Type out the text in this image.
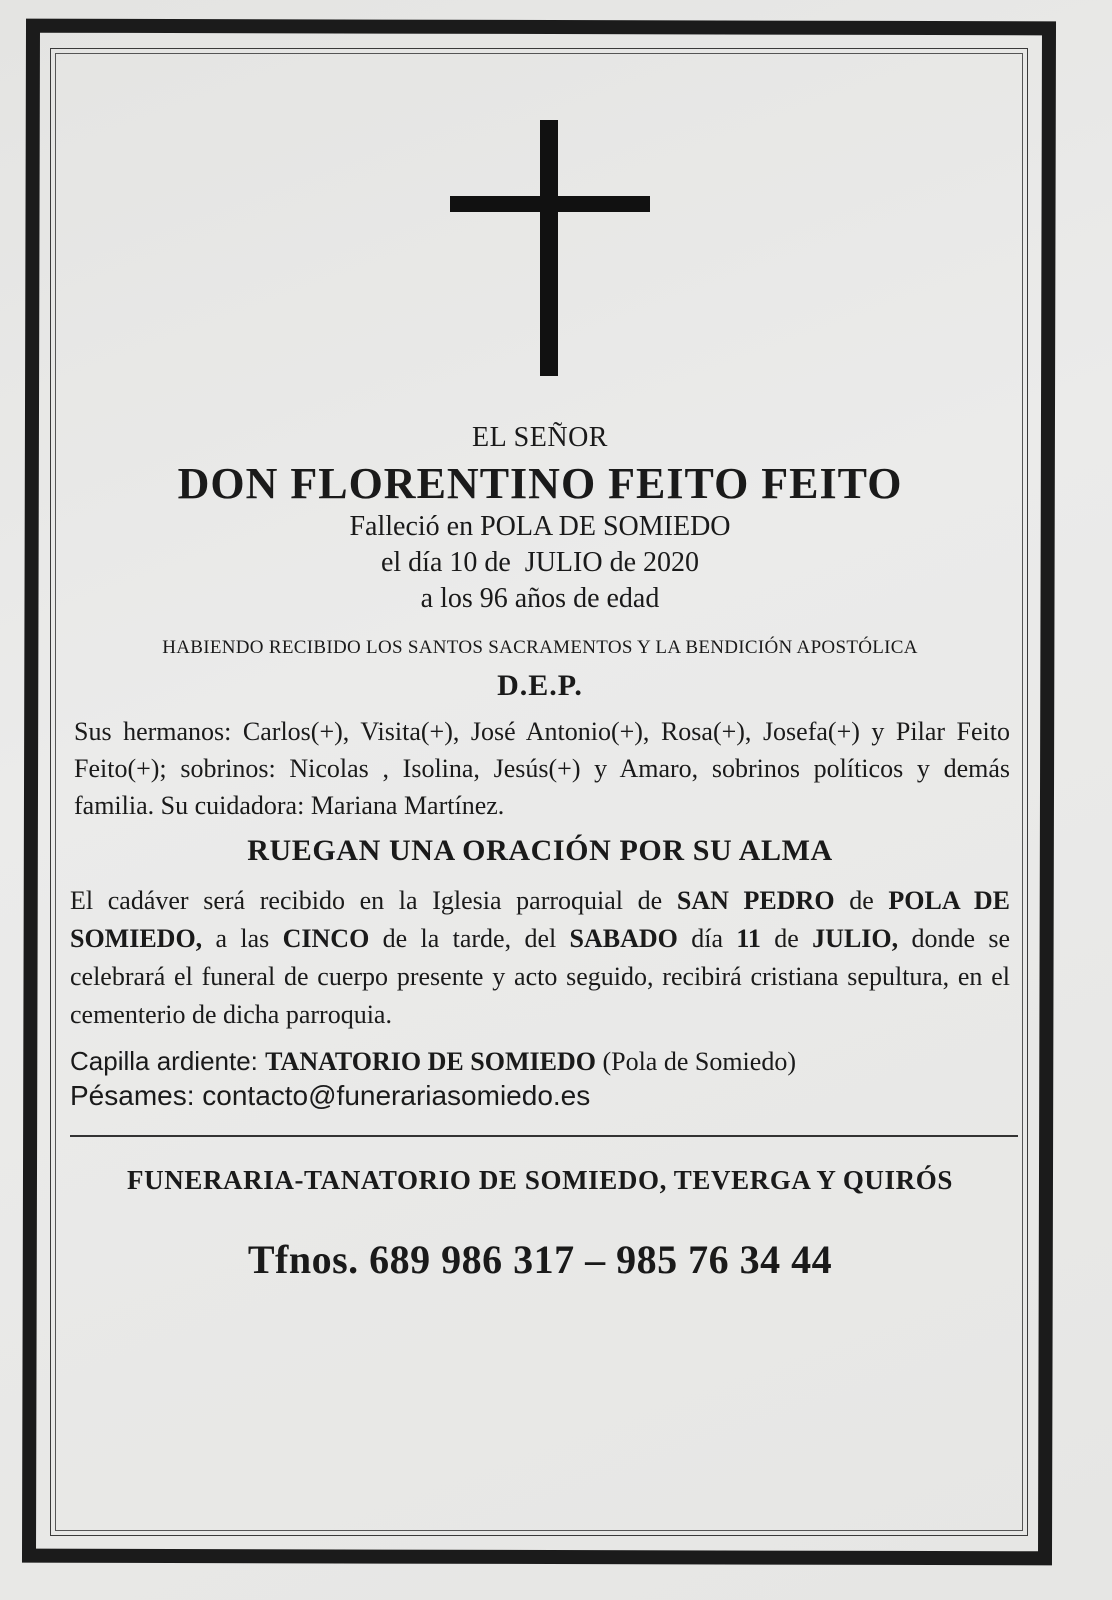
EL SEÑOR
DON FLORENTINO FEITO FEITO
Falleció en POLA DE SOMIEDO
el día 10 de  JULIO de 2020
a los 96 años de edad
HABIENDO RECIBIDO LOS SANTOS SACRAMENTOS Y LA BENDICIÓN APOSTÓLICA
D.E.P.
Sus hermanos: Carlos(+), Visita(+), José Antonio(+), Rosa(+), Josefa(+) y Pilar Feito Feito(+); sobrinos: Nicolas , Isolina, Jesús(+) y Amaro, sobrinos políticos y demás familia. Su cuidadora: Mariana Martínez.
RUEGAN UNA ORACIÓN POR SU ALMA
El cadáver será recibido en la Iglesia parroquial de SAN PEDRO de POLA DE SOMIEDO, a las CINCO de la tarde, del SABADO día 11 de JULIO, donde se celebrará el funeral de cuerpo presente y acto seguido, recibirá cristiana sepultura, en el cementerio de dicha parroquia.
Capilla ardiente: TANATORIO DE SOMIEDO (Pola de Somiedo)
Pésames: contacto@funerariasomiedo.es
FUNERARIA-TANATORIO DE SOMIEDO, TEVERGA Y QUIRÓS
Tfnos. 689 986 317 – 985 76 34 44
